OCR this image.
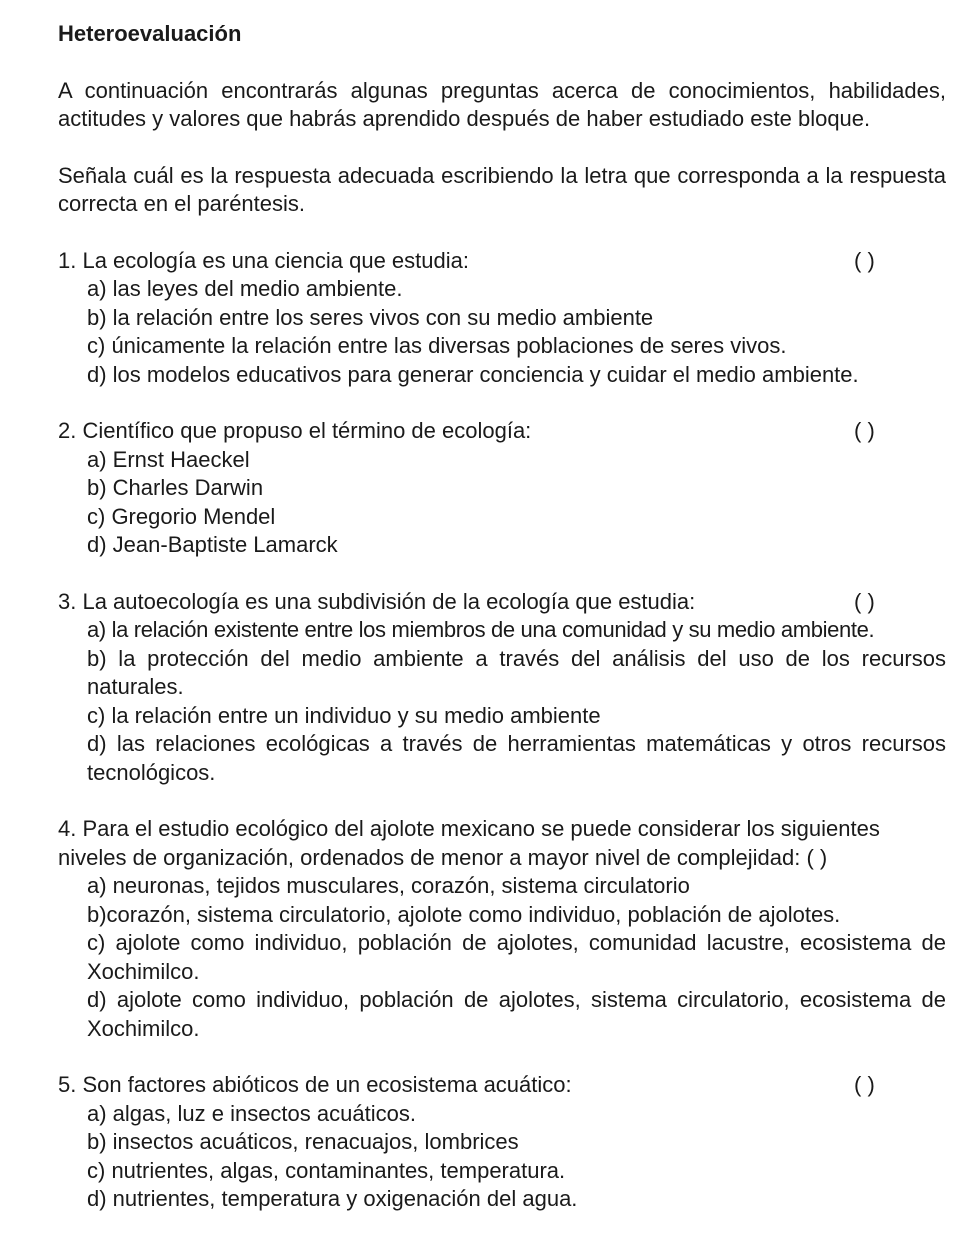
Heteroevaluación
A continuación encontrarás algunas preguntas acerca de conocimientos, habilidades, actitudes y valores que habrás aprendido después de haber estudiado este bloque.
Señala cuál es la respuesta adecuada escribiendo la letra que corresponda a la respuesta correcta en el paréntesis.
1. La ecología es una ciencia que estudia:	( )
a) las leyes del medio ambiente.
b) la relación entre los seres vivos con su medio ambiente
c) únicamente la relación entre las diversas poblaciones de seres vivos.
d) los modelos educativos para generar conciencia y cuidar el medio ambiente.
2. Científico que propuso el término de ecología:	( )
a) Ernst Haeckel
b) Charles Darwin
c) Gregorio Mendel
d) Jean-Baptiste Lamarck
3. La autoecología es una subdivisión de la ecología que estudia:	( )
a) la relación existente entre los miembros de una comunidad y su medio ambiente.
b) la protección del medio ambiente a través del análisis del uso de los recursos naturales.
c) la relación entre un individuo y su medio ambiente
d) las relaciones ecológicas a través de herramientas matemáticas y otros recursos tecnológicos.
4. Para el estudio ecológico del ajolote mexicano se puede considerar los siguientes niveles de organización, ordenados de menor a mayor nivel de complejidad: ( )
a) neuronas, tejidos musculares, corazón, sistema circulatorio
b)corazón, sistema circulatorio, ajolote como individuo, población de ajolotes.
c) ajolote como individuo, población de ajolotes, comunidad lacustre, ecosistema de Xochimilco.
d) ajolote como individuo, población de ajolotes, sistema circulatorio, ecosistema de Xochimilco.
5. Son factores abióticos de un ecosistema acuático:	( )
a) algas, luz e insectos acuáticos.
b) insectos acuáticos, renacuajos, lombrices
c) nutrientes, algas, contaminantes, temperatura.
d) nutrientes, temperatura y oxigenación del agua.
